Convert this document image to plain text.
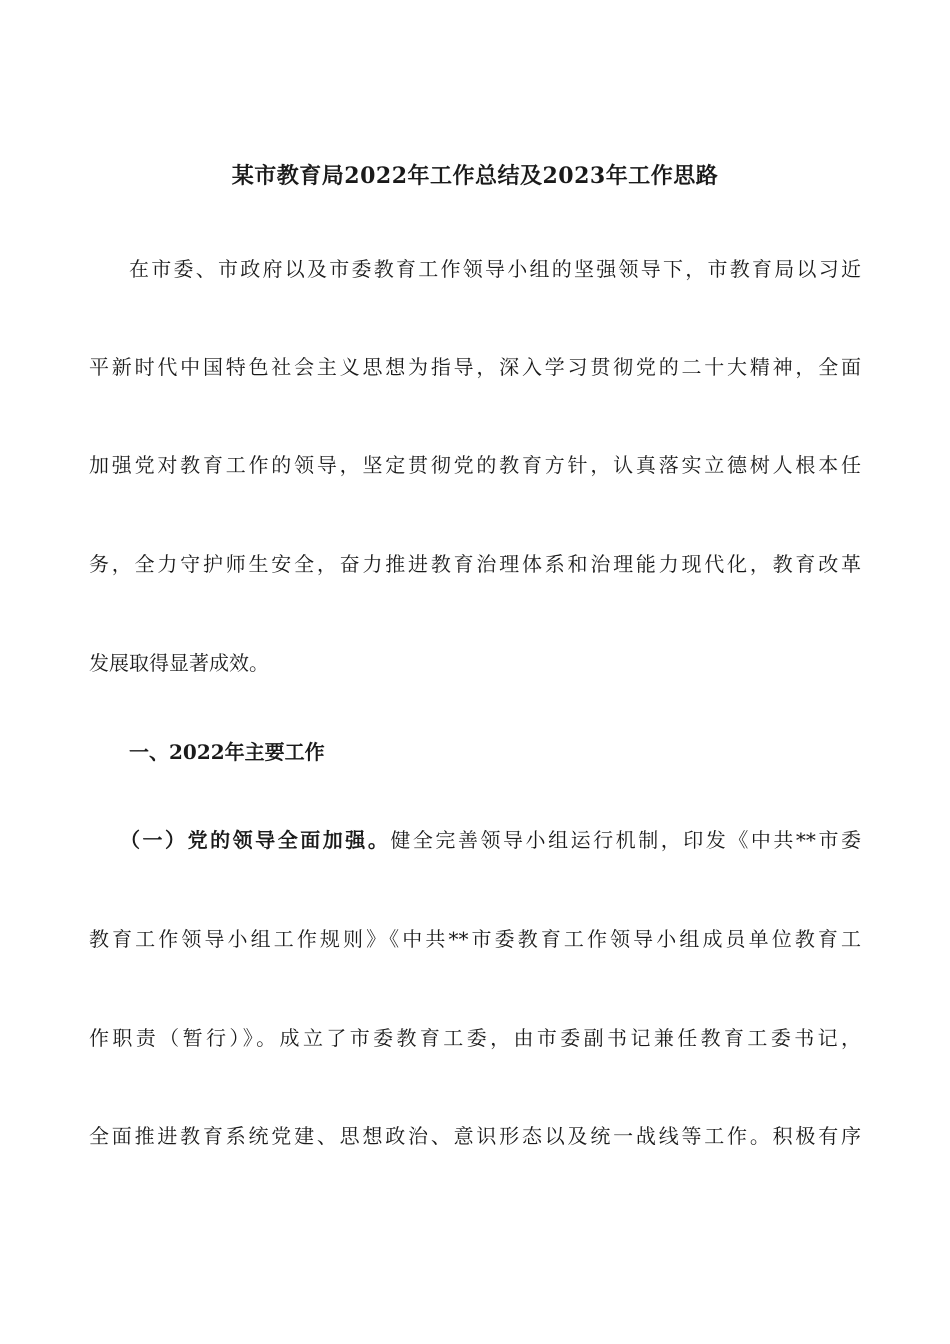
某市教育局2022年工作总结及2023年工作思路

在市委、市政府以及市委教育工作领导小组的坚强领导下，市教育局以习近

平新时代中国特色社会主义思想为指导，深入学习贯彻党的二十大精神，全面

加强党对教育工作的领导，坚定贯彻党的教育方针，认真落实立德树人根本任

务，全力守护师生安全，奋力推进教育治理体系和治理能力现代化，教育改革

发展取得显著成效。

一、2022年主要工作

（一）党的领导全面加强。健全完善领导小组运行机制，印发《中共**市委

教育工作领导小组工作规则》《中共**市委教育工作领导小组成员单位教育工

作职责（暂行）》。成立了市委教育工委，由市委副书记兼任教育工委书记，

全面推进教育系统党建、思想政治、意识形态以及统一战线等工作。积极有序
